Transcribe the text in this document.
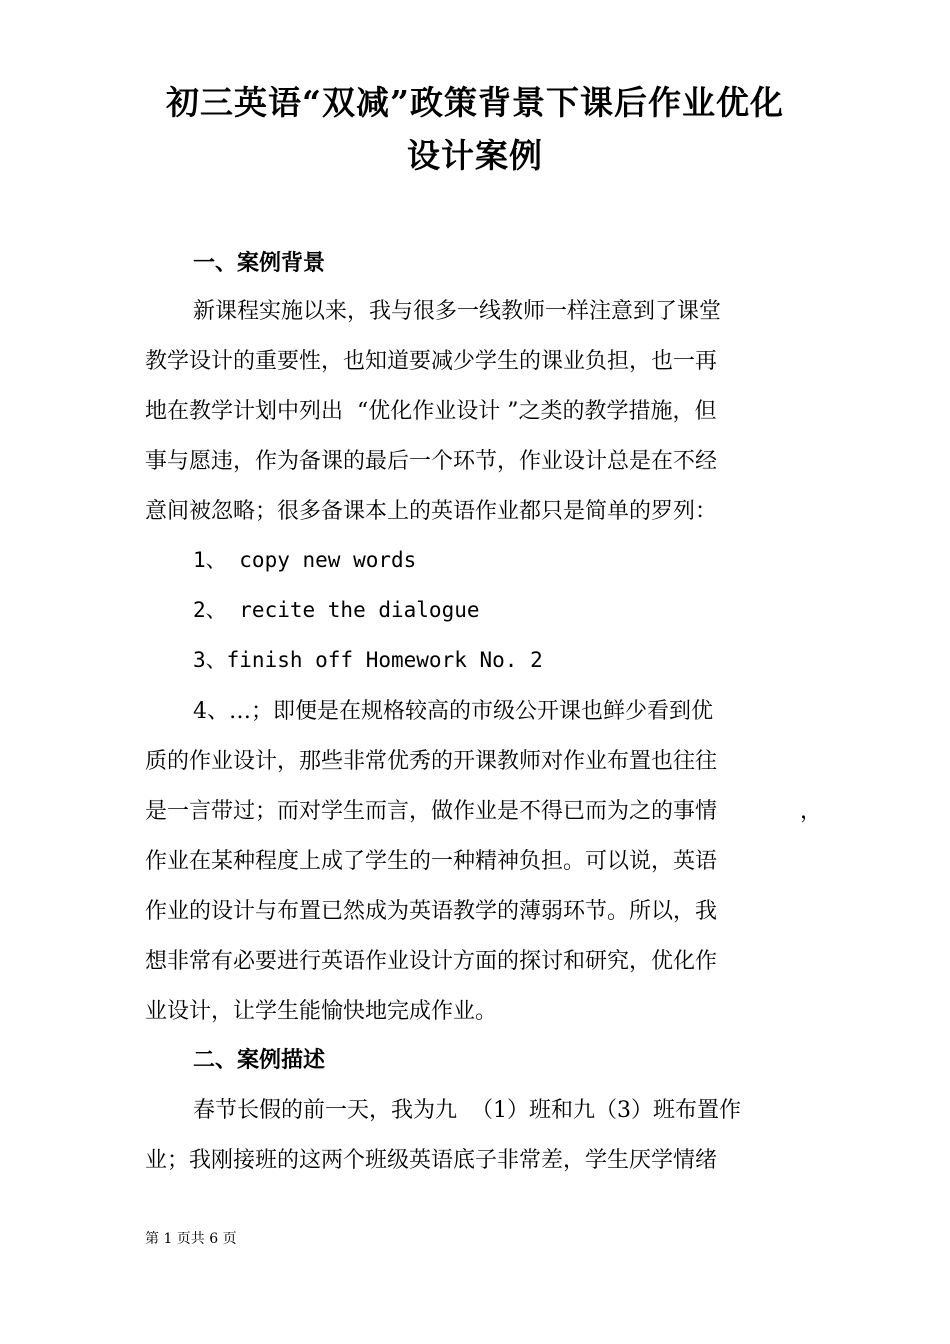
初三英语“双减”政策背景下课后作业优化
设计案例
一、案例背景
新课程实施以来，我与很多一线教师一样注意到了课堂
教学设计的重要性，也知道要减少学生的课业负担，也一再
地在教学计划中列出  “优化作业设计 ”之类的教学措施，但
事与愿违，作为备课的最后一个环节，作业设计总是在不经
意间被忽略；很多备课本上的英语作业都只是简单的罗列：
1、 copy new words
2、 recite the dialogue
3、finish off Homework No. 2
4、…；即便是在规格较高的市级公开课也鲜少看到优
质的作业设计，那些非常优秀的开课教师对作业布置也往往
是一言带过；而对学生而言，做作业是不得已而为之的事情	，
作业在某种程度上成了学生的一种精神负担。可以说，英语
作业的设计与布置已然成为英语教学的薄弱环节。所以，我
想非常有必要进行英语作业设计方面的探讨和研究，优化作
业设计，让学生能愉快地完成作业。
二、案例描述
春节长假的前一天，我为九  （1）班和九（3）班布置作
业；我刚接班的这两个班级英语底子非常差，学生厌学情绪
第 1 页共 6 页
